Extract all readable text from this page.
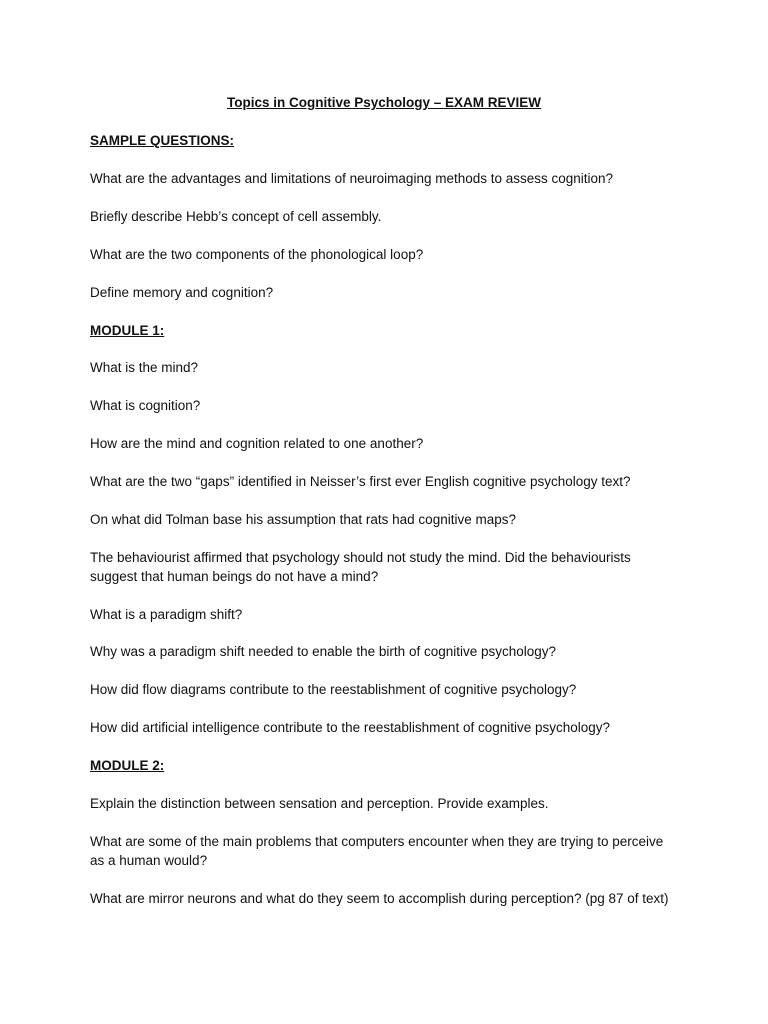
Topics in Cognitive Psychology – EXAM REVIEW

SAMPLE QUESTIONS:

What are the advantages and limitations of neuroimaging methods to assess cognition?

Briefly describe Hebb’s concept of cell assembly.

What are the two components of the phonological loop?

Define memory and cognition?

MODULE 1:

What is the mind?

What is cognition?

How are the mind and cognition related to one another?

What are the two “gaps” identified in Neisser’s first ever English cognitive psychology text?

On what did Tolman base his assumption that rats had cognitive maps?

The behaviourist affirmed that psychology should not study the mind. Did the behaviourists suggest that human beings do not have a mind?

What is a paradigm shift?

Why was a paradigm shift needed to enable the birth of cognitive psychology?

How did flow diagrams contribute to the reestablishment of cognitive psychology?

How did artificial intelligence contribute to the reestablishment of cognitive psychology?

MODULE 2:

Explain the distinction between sensation and perception. Provide examples.

What are some of the main problems that computers encounter when they are trying to perceive as a human would?

What are mirror neurons and what do they seem to accomplish during perception? (pg 87 of text)
